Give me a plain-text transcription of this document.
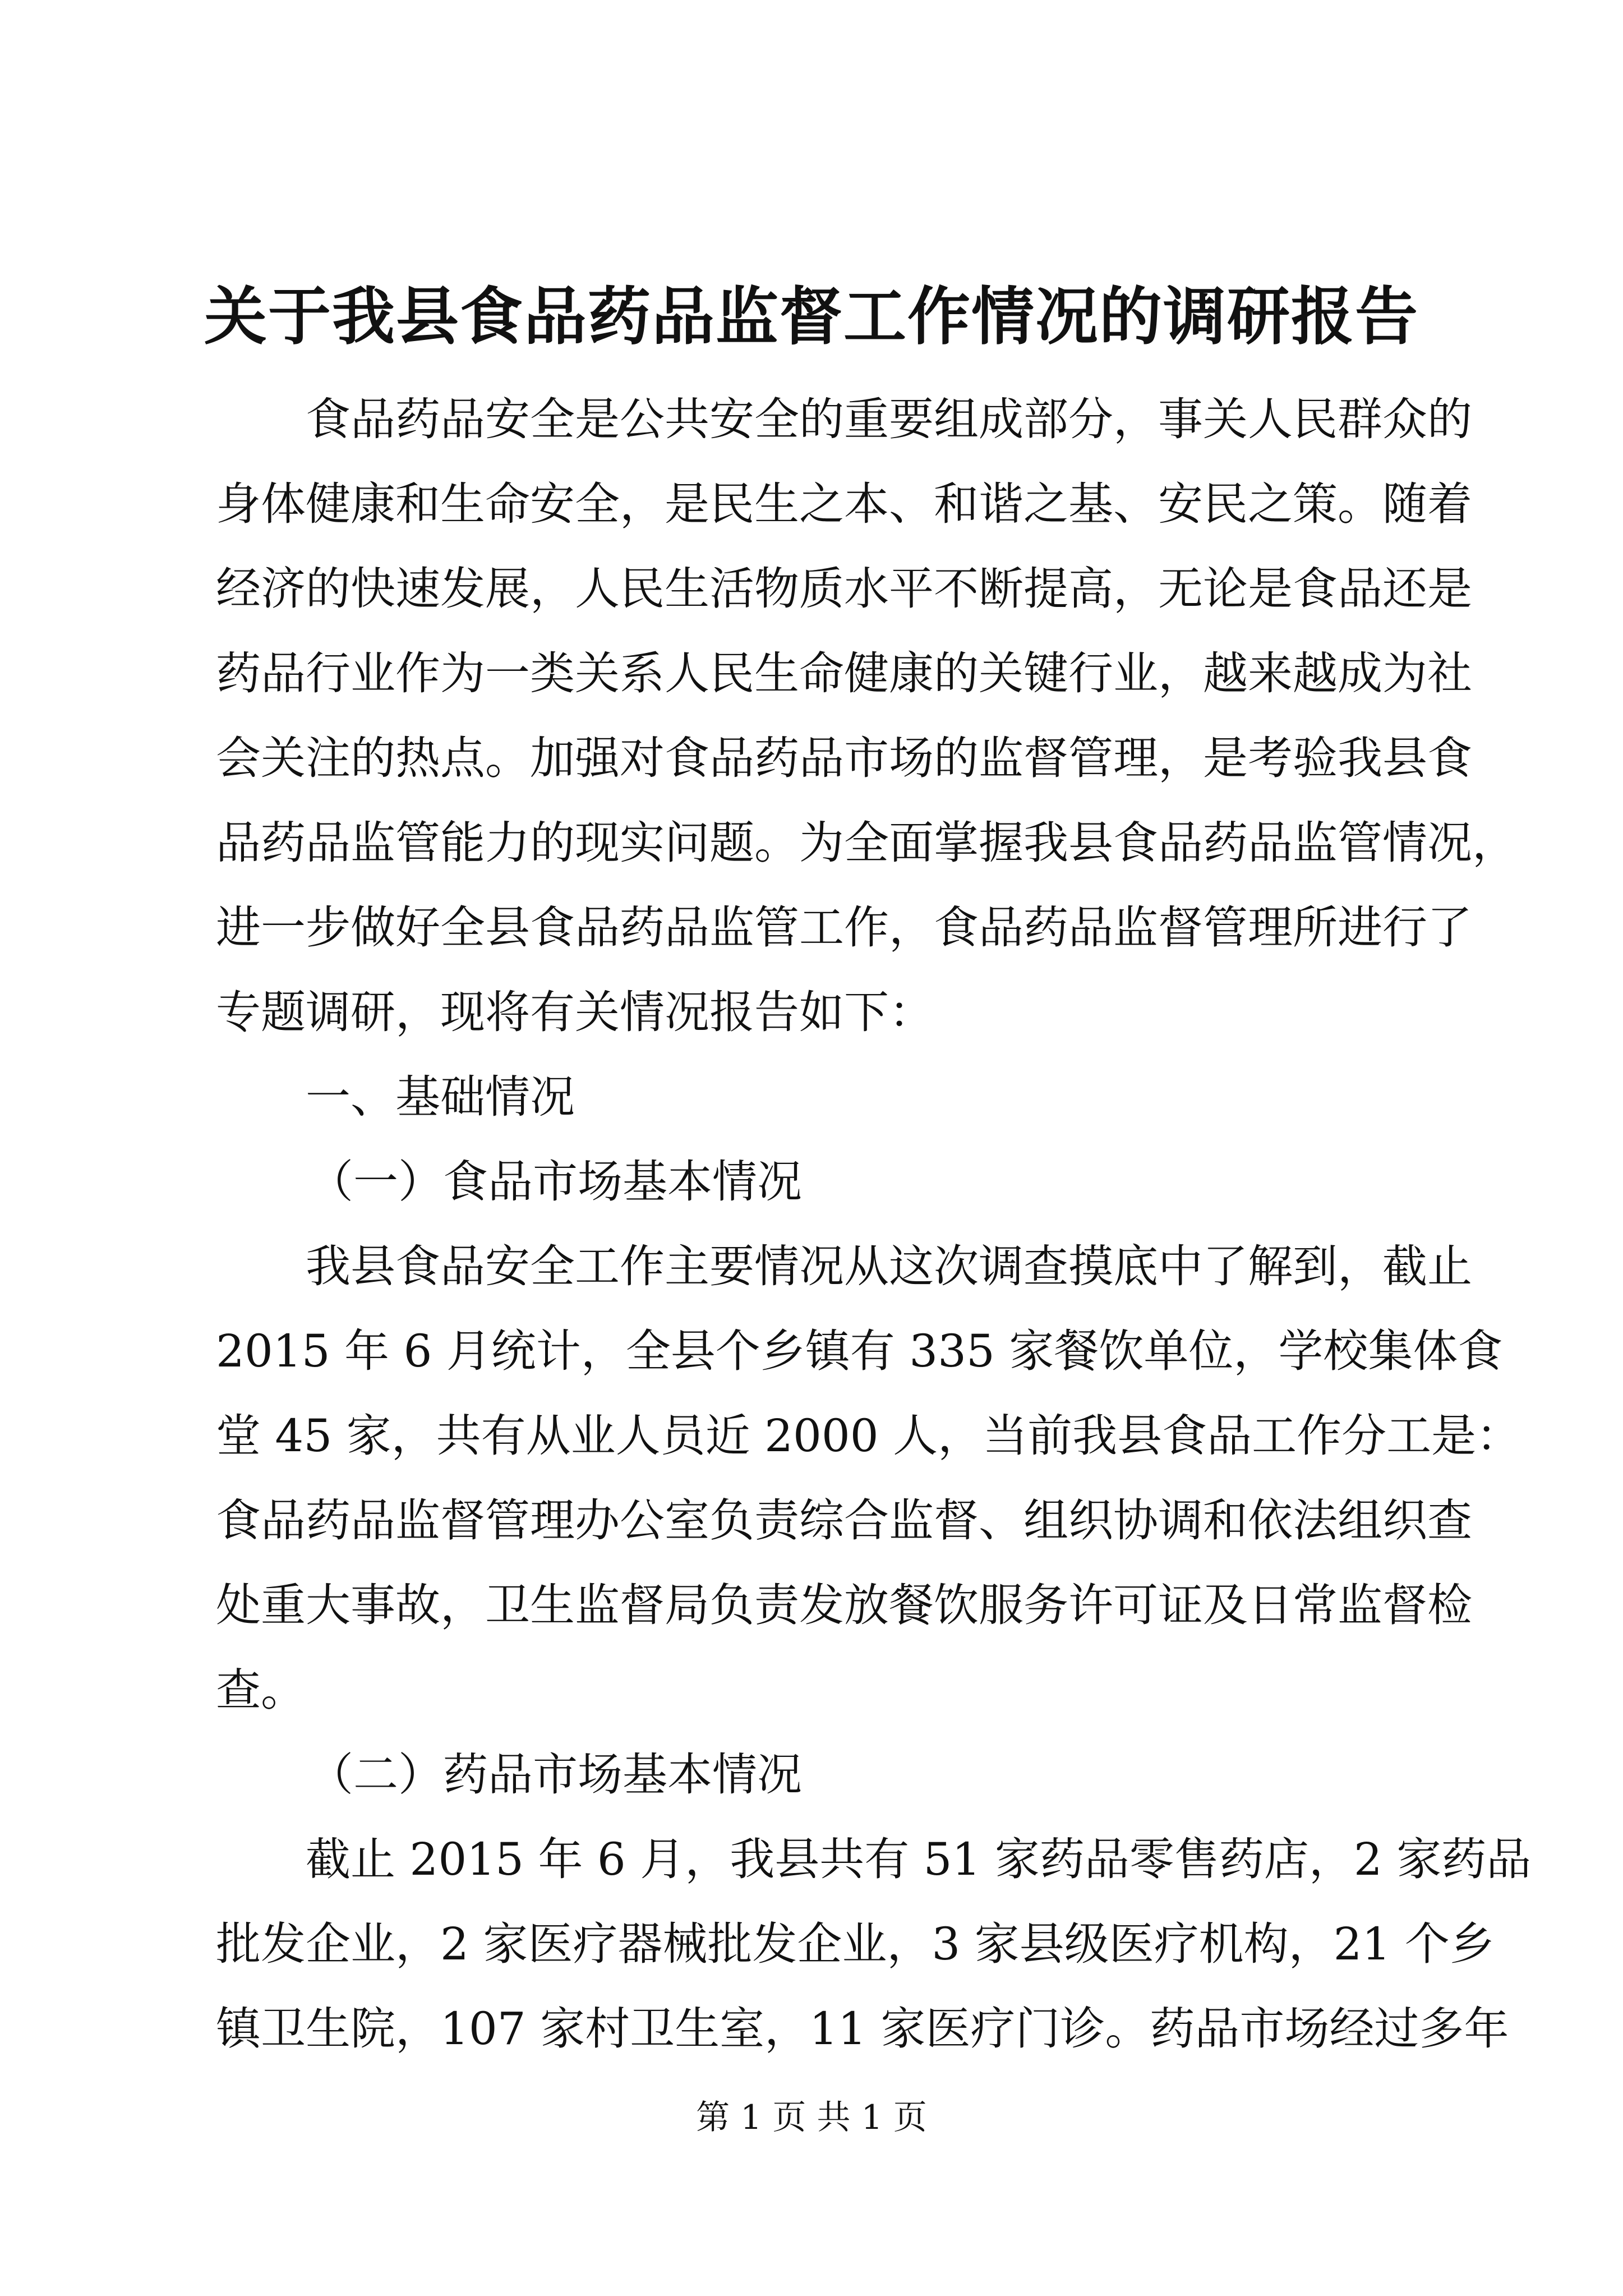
关于我县食品药品监督工作情况的调研报告
食品药品安全是公共安全的重要组成部分，事关人民群众的
身体健康和生命安全，是民生之本、和谐之基、安民之策。随着
经济的快速发展，人民生活物质水平不断提高，无论是食品还是
药品行业作为一类关系人民生命健康的关键行业，越来越成为社
会关注的热点。加强对食品药品市场的监督管理，是考验我县食
品药品监管能力的现实问题。为全面掌握我县食品药品监管情况，
进一步做好全县食品药品监管工作，食品药品监督管理所进行了
专题调研，现将有关情况报告如下：
一、基础情况
（一）食品市场基本情况
我县食品安全工作主要情况从这次调查摸底中了解到，截止
2015 年 6 月统计，全县个乡镇有 335 家餐饮单位，学校集体食
堂 45 家，共有从业人员近 2000 人，当前我县食品工作分工是：
食品药品监督管理办公室负责综合监督、组织协调和依法组织查
处重大事故，卫生监督局负责发放餐饮服务许可证及日常监督检
查。
（二）药品市场基本情况
截止 2015 年 6 月，我县共有 51 家药品零售药店，2 家药品
批发企业，2 家医疗器械批发企业，3 家县级医疗机构，21 个乡
镇卫生院，107 家村卫生室，11 家医疗门诊。药品市场经过多年
第 1 页 共 1 页
